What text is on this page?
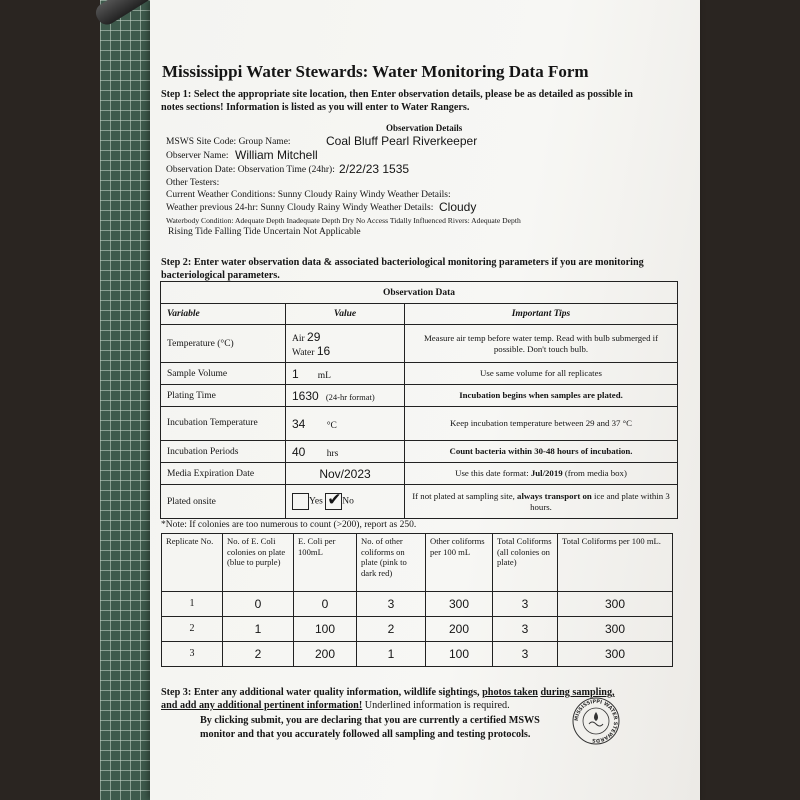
Mississippi Water Stewards: Water Monitoring Data Form
Step 1: Select the appropriate site location, then Enter observation details, please be as detailed as possible in
notes sections! Information is listed as you will enter to Water Rangers.
Observation Details
MSWS Site Code: Group Name:	Coal Bluff Pearl Riverkeeper
Observer Name: William Mitchell
Observation Date: Observation Time (24hr): 2/22/23 1535
Other Testers:
Current Weather Conditions: Sunny Cloudy Rainy Windy Weather Details:
Weather previous 24-hr: Sunny Cloudy Rainy Windy Weather Details: Cloudy
Waterbody Condition: Adequate Depth Inadequate Depth Dry No Access Tidally Influenced Rivers: Adequate Depth
Rising Tide Falling Tide Uncertain Not Applicable
Step 2: Enter water observation data & associated bacteriological monitoring parameters if you are monitoring
bacteriological parameters.
Observation Data		
Variable	Value	Important Tips
Temperature (°C)	Air 29
Water 16	Measure air temp before water temp. Read with bulb submerged if possible. Don't touch bulb.
Sample Volume	1 mL	Use same volume for all replicates
Plating Time	1630 (24-hr format)	Incubation begins when samples are plated.
Incubation Temperature	34 °C	Keep incubation temperature between 29 and 37 °C
Incubation Periods	40 hrs	Count bacteria within 30-48 hours of incubation.
Media Expiration Date	Nov/2023	Use this date format: Jul/2019 (from media box)
Plated onsite	Yes ✔ No	If not plated at sampling site, always transport on ice and plate within 3 hours.
*Note: If colonies are too numerous to count (>200), report as 250.
Replicate No.	No. of E. Coli colonies on plate (blue to purple)	E. Coli per 100mL	No. of other coliforms on plate (pink to dark red)	Other coliforms per 100 mL	Total Coliforms (all colonies on plate)	Total Coliforms per 100 mL.
1	0	0	3	300	3	300
2	1	100	2	200	3	300
3	2	200	1	100	3	300
Step 3: Enter any additional water quality information, wildlife sightings, photos taken during sampling,
and add any additional pertinent information! Underlined information is required.
By clicking submit, you are declaring that you are currently a certified MSWS
monitor and that you accurately followed all sampling and testing protocols.
MISSISSIPPI WATER STEWARDS
